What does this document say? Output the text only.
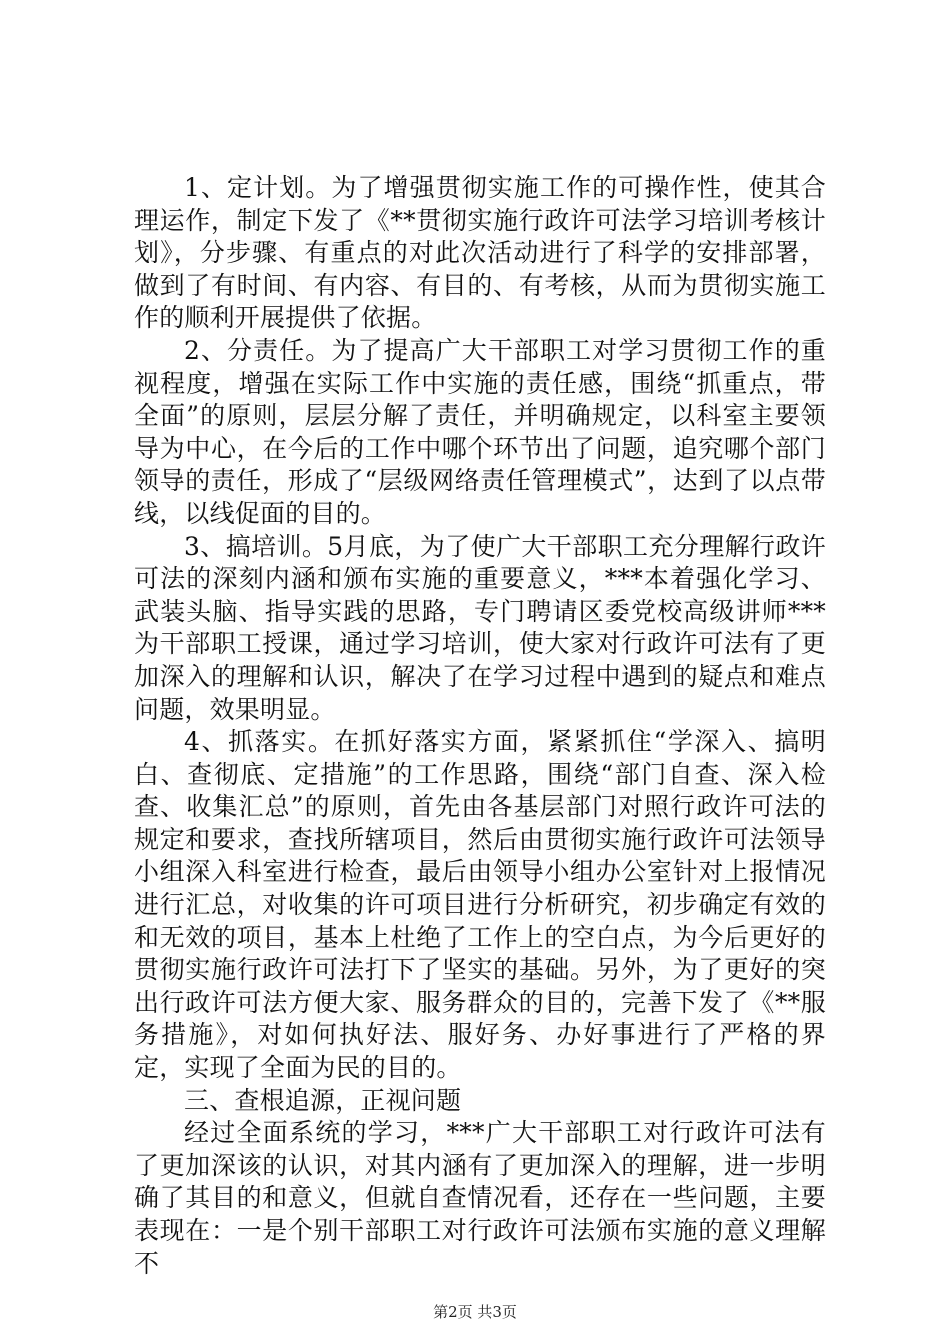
1、定计划。为了增强贯彻实施工作的可操作性，使其合理运作，制定下发了《**贯彻实施行政许可法学习培训考核计划》，分步骤、有重点的对此次活动进行了科学的安排部署，做到了有时间、有内容、有目的、有考核，从而为贯彻实施工作的顺利开展提供了依据。

2、分责任。为了提高广大干部职工对学习贯彻工作的重视程度，增强在实际工作中实施的责任感，围绕“抓重点，带全面”的原则，层层分解了责任，并明确规定，以科室主要领导为中心，在今后的工作中哪个环节出了问题，追究哪个部门领导的责任，形成了“层级网络责任管理模式”，达到了以点带线，以线促面的目的。

3、搞培训。5月底，为了使广大干部职工充分理解行政许可法的深刻内涵和颁布实施的重要意义，***本着强化学习、武装头脑、指导实践的思路，专门聘请区委党校高级讲师***为干部职工授课，通过学习培训，使大家对行政许可法有了更加深入的理解和认识，解决了在学习过程中遇到的疑点和难点问题，效果明显。

4、抓落实。在抓好落实方面，紧紧抓住“学深入、搞明白、查彻底、定措施”的工作思路，围绕“部门自查、深入检查、收集汇总”的原则，首先由各基层部门对照行政许可法的规定和要求，查找所辖项目，然后由贯彻实施行政许可法领导小组深入科室进行检查，最后由领导小组办公室针对上报情况进行汇总，对收集的许可项目进行分析研究，初步确定有效的和无效的项目，基本上杜绝了工作上的空白点，为今后更好的贯彻实施行政许可法打下了坚实的基础。另外，为了更好的突出行政许可法方便大家、服务群众的目的，完善下发了《**服务措施》，对如何执好法、服好务、办好事进行了严格的界定，实现了全面为民的目的。

三、查根追源，正视问题

经过全面系统的学习，***广大干部职工对行政许可法有了更加深该的认识，对其内涵有了更加深入的理解，进一步明确了其目的和意义，但就自查情况看，还存在一些问题，主要表现在：一是个别干部职工对行政许可法颁布实施的意义理解不

第2页 共3页
